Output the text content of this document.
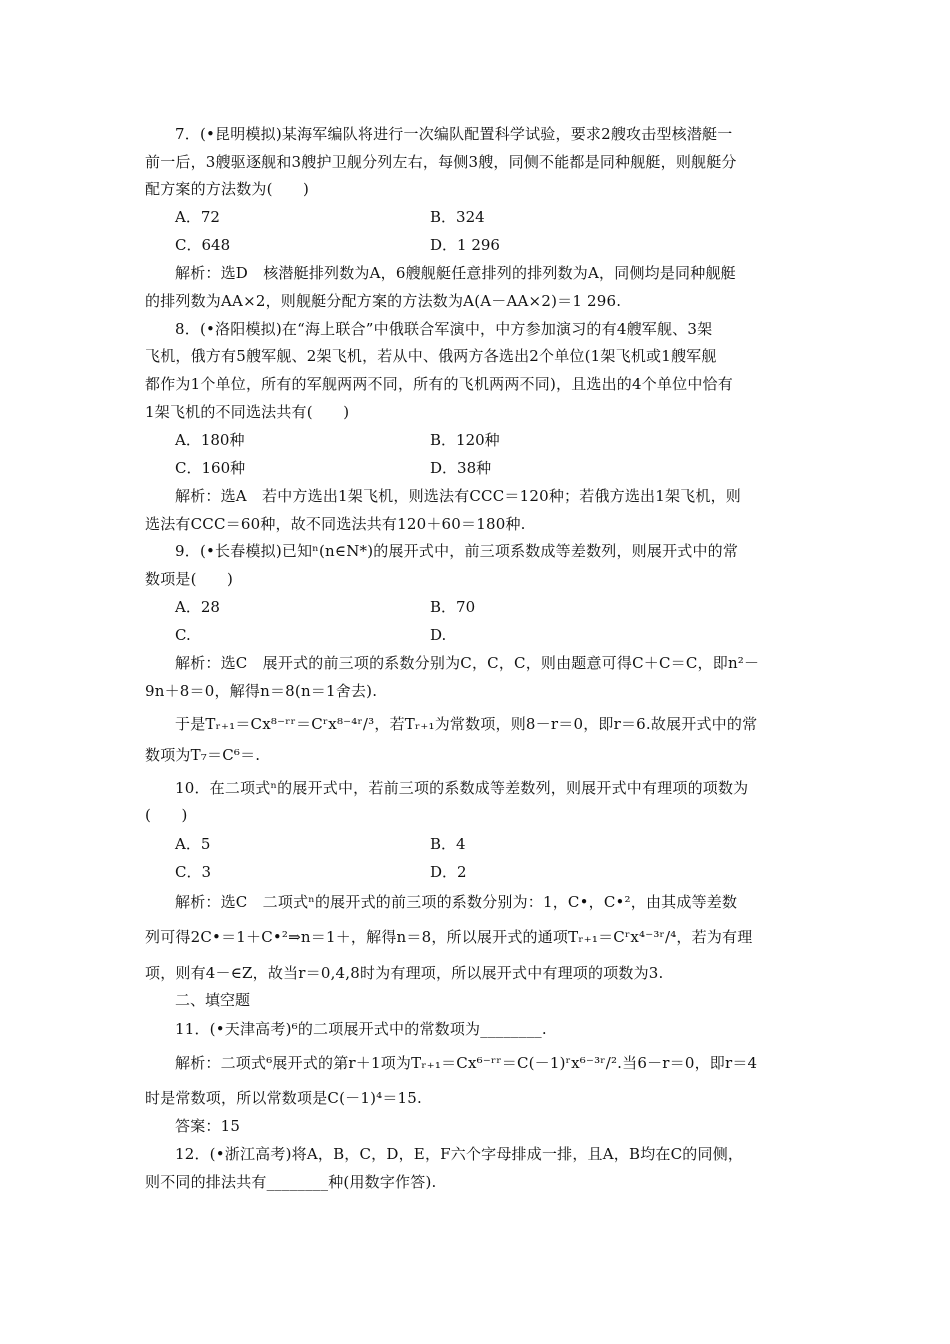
7．(•昆明模拟)某海军编队将进行一次编队配置科学试验，要求2艘攻击型核潜艇一
前一后，3艘驱逐舰和3艘护卫舰分列左右，每侧3艘，同侧不能都是同种舰艇，则舰艇分
配方案的方法数为(　　)
A．72	B．324
C．648	D．1 296
解析：选D　核潜艇排列数为A，6艘舰艇任意排列的排列数为A，同侧均是同种舰艇
的排列数为AA×2，则舰艇分配方案的方法数为A(A－AA×2)＝1 296.
8．(•洛阳模拟)在“海上联合”中俄联合军演中，中方参加演习的有4艘军舰、3架
飞机，俄方有5艘军舰、2架飞机，若从中、俄两方各选出2个单位(1架飞机或1艘军舰
都作为1个单位，所有的军舰两两不同，所有的飞机两两不同)，且选出的4个单位中恰有
1架飞机的不同选法共有(　　)
A．180种	B．120种
C．160种	D．38种
解析：选A　若中方选出1架飞机，则选法有CCC＝120种；若俄方选出1架飞机，则
选法有CCC＝60种，故不同选法共有120＋60＝180种.
9．(•长春模拟)已知ⁿ(n∈N*)的展开式中，前三项系数成等差数列，则展开式中的常
数项是(　　)
A．28	B．70
C.	D.
解析：选C　展开式的前三项的系数分别为C，C，C，则由题意可得C＋C＝C，即n²－
9n＋8＝0，解得n＝8(n＝1舍去).
于是Tᵣ₊₁＝Cx⁸⁻ʳʳ＝Cʳx⁸⁻⁴ʳ/³，若Tᵣ₊₁为常数项，则8－r＝0，即r＝6.故展开式中的常
数项为T₇＝C⁶＝.
10．在二项式ⁿ的展开式中，若前三项的系数成等差数列，则展开式中有理项的项数为
(　　)
A．5	B．4
C．3	D．2
解析：选C　二项式ⁿ的展开式的前三项的系数分别为：1，C•，C•²，由其成等差数
列可得2C•＝1＋C•²⇒n＝1＋，解得n＝8，所以展开式的通项Tᵣ₊₁＝Cʳx⁴⁻³ʳ/⁴，若为有理
项，则有4－∈Z，故当r＝0,4,8时为有理项，所以展开式中有理项的项数为3.
二、填空题
11．(•天津高考)⁶的二项展开式中的常数项为________.
解析：二项式⁶展开式的第r＋1项为Tᵣ₊₁＝Cx⁶⁻ʳʳ＝C(－1)ʳx⁶⁻³ʳ/².当6－r＝0，即r＝4
时是常数项，所以常数项是C(－1)⁴＝15.
答案：15
12．(•浙江高考)将A，B，C，D，E，F六个字母排成一排，且A，B均在C的同侧，
则不同的排法共有________种(用数字作答).
